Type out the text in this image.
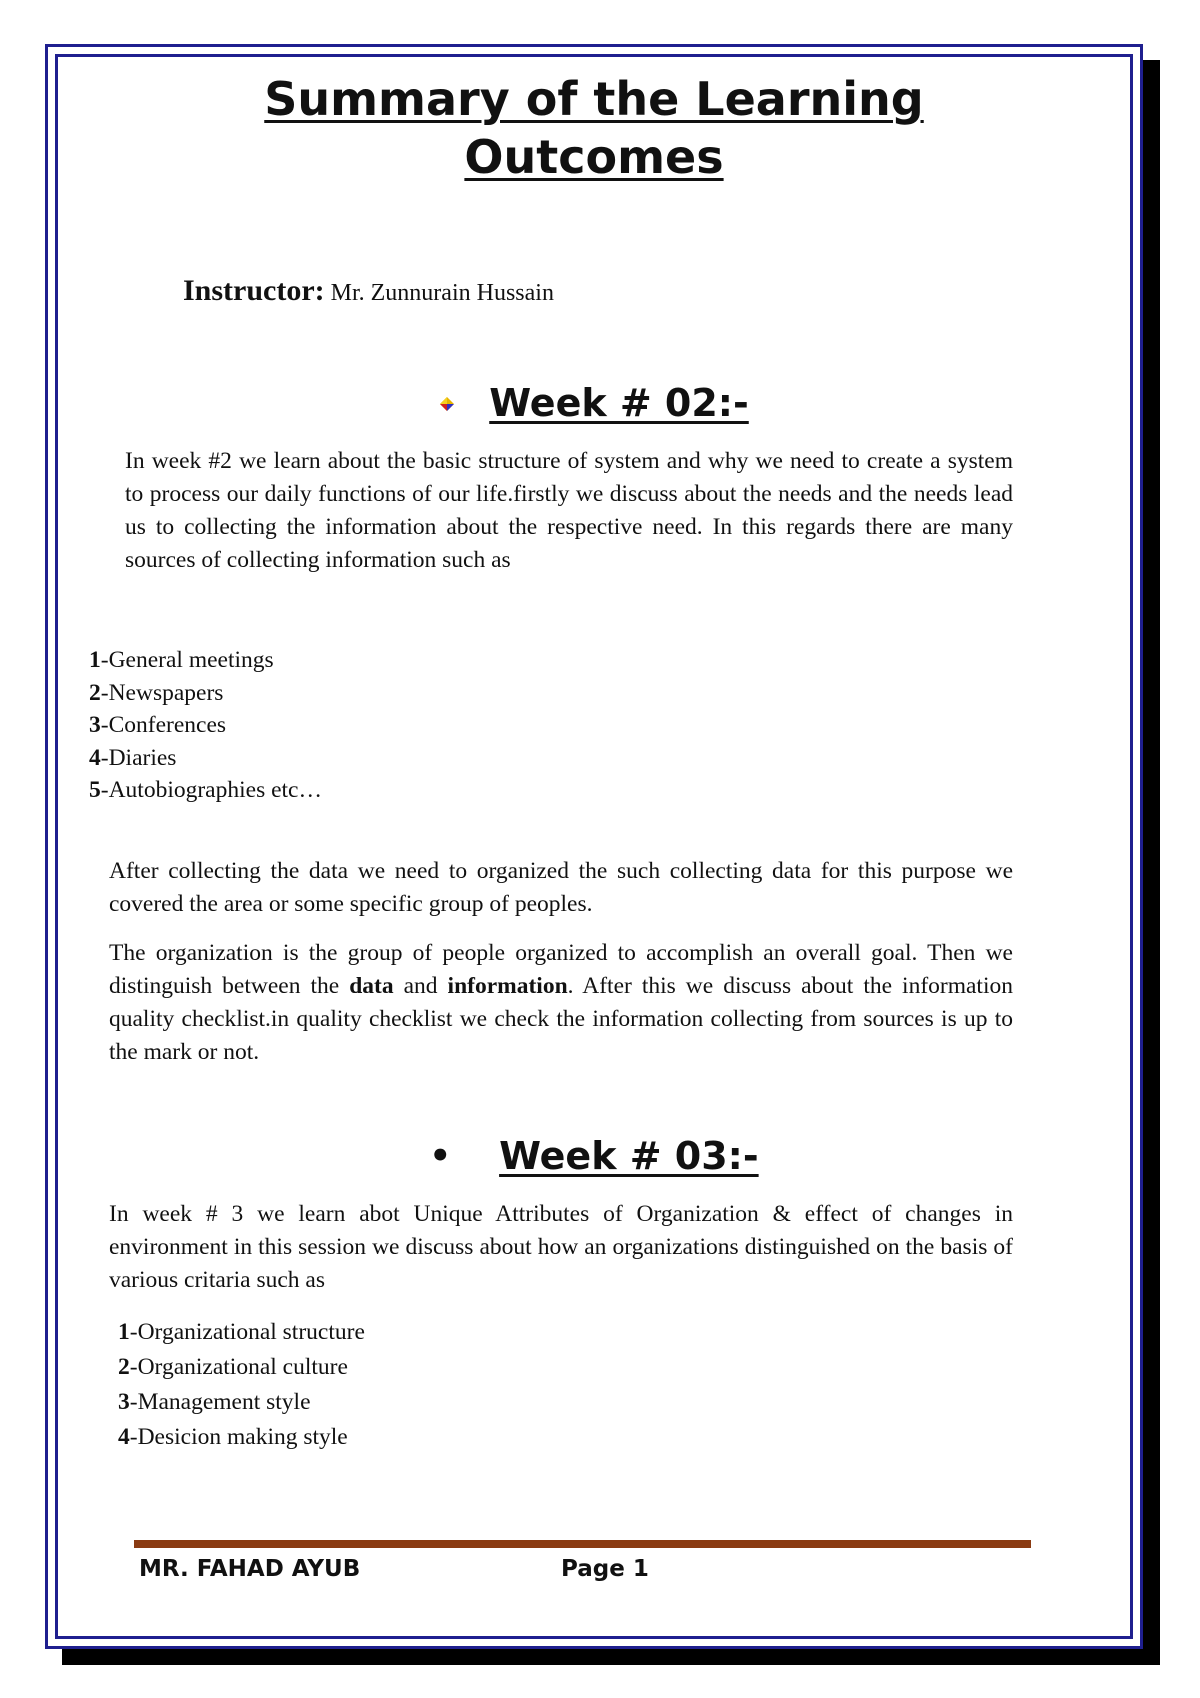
Summary of the Learning
Outcomes
Instructor: Mr. Zunnurain Hussain
Week # 02:-

In week #2 we learn about the basic structure of system and why we need to create a system to process our daily functions of our life.firstly we discuss about the needs and the needs lead us to collecting the information about the respective need. In this regards there are many sources of collecting information such as

1-General meetings
2-Newspapers
3-Conferences
4-Diaries
5-Autobiographies etc…

After collecting the data we need to organized the such collecting data for this purpose we covered the area or some specific group of peoples.

The organization is the group of people organized to accomplish an overall goal. Then we distinguish between the data and information. After this we discuss about the information quality checklist.in quality checklist we check the information collecting from sources is up to the mark or not.

• Week # 03:-

In week # 3 we learn abot Unique Attributes of Organization & effect of changes in environment in this session we discuss about how an organizations distinguished on the basis of various critaria such as

1-Organizational structure
2-Organizational culture
3-Management style
4-Desicion making style
MR. FAHAD AYUB	Page 1
